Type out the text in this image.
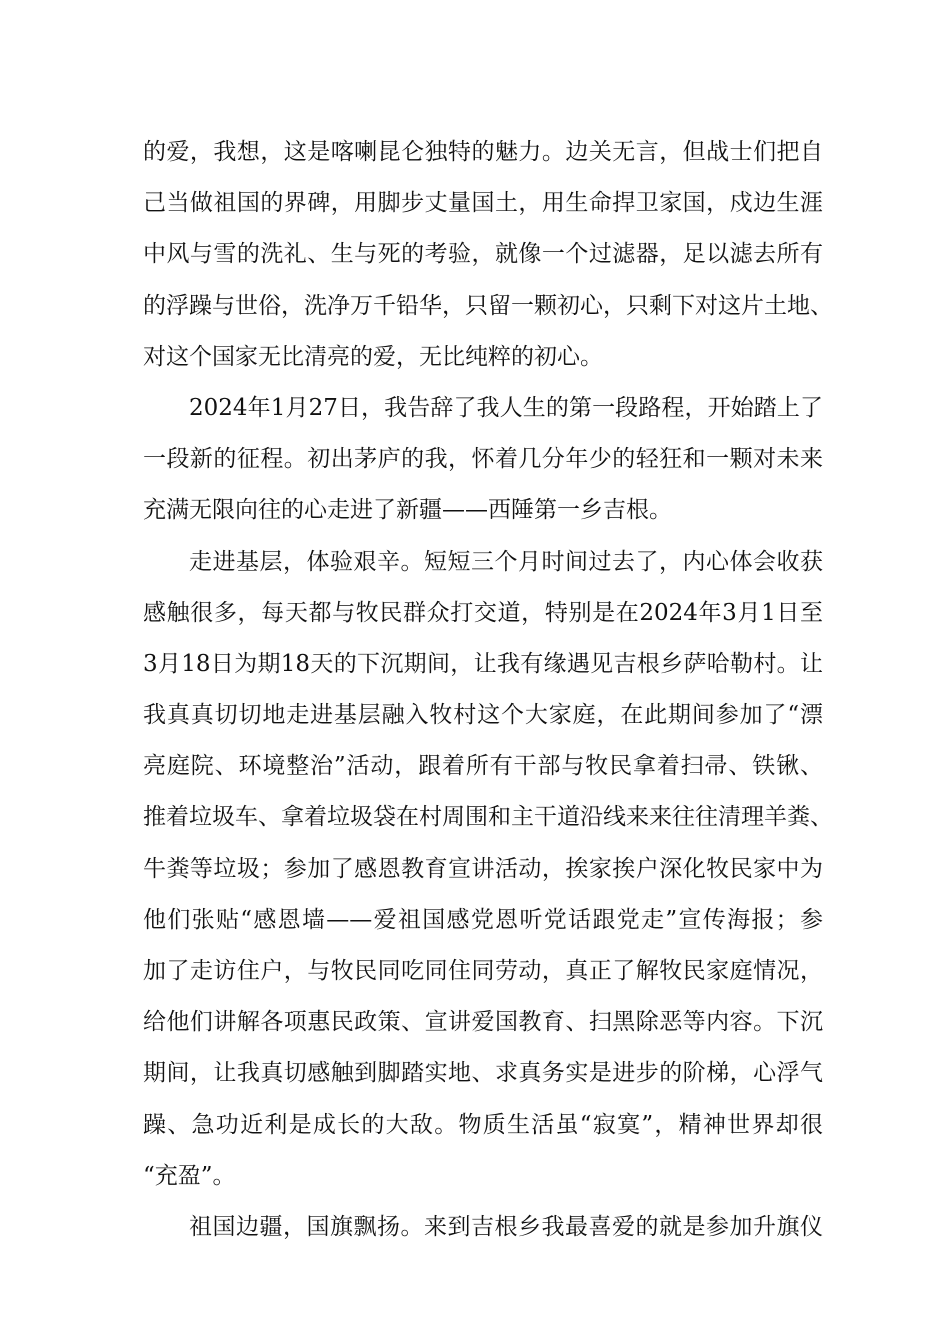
的爱，我想，这是喀喇昆仑独特的魅力。边关无言，但战士们把自
己当做祖国的界碑，用脚步丈量国土，用生命捍卫家国，戍边生涯
中风与雪的洗礼、生与死的考验，就像一个过滤器，足以滤去所有
的浮躁与世俗，洗净万千铅华，只留一颗初心，只剩下对这片土地、
对这个国家无比清亮的爱，无比纯粹的初心。
2024年1月27日，我告辞了我人生的第一段路程，开始踏上了
一段新的征程。初出茅庐的我，怀着几分年少的轻狂和一颗对未来
充满无限向往的心走进了新疆——西陲第一乡吉根。
走进基层，体验艰辛。短短三个月时间过去了，内心体会收获
感触很多，每天都与牧民群众打交道，特别是在2024年3月1日至
3月18日为期18天的下沉期间，让我有缘遇见吉根乡萨哈勒村。让
我真真切切地走进基层融入牧村这个大家庭，在此期间参加了“漂
亮庭院、环境整治”活动，跟着所有干部与牧民拿着扫帚、铁锹、
推着垃圾车、拿着垃圾袋在村周围和主干道沿线来来往往清理羊粪、
牛粪等垃圾；参加了感恩教育宣讲活动，挨家挨户深化牧民家中为
他们张贴“感恩墙——爱祖国感党恩听党话跟党走”宣传海报；参
加了走访住户，与牧民同吃同住同劳动，真正了解牧民家庭情况，
给他们讲解各项惠民政策、宣讲爱国教育、扫黑除恶等内容。下沉
期间，让我真切感触到脚踏实地、求真务实是进步的阶梯，心浮气
躁、急功近利是成长的大敌。物质生活虽“寂寞”，精神世界却很
“充盈”。
祖国边疆，国旗飘扬。来到吉根乡我最喜爱的就是参加升旗仪
